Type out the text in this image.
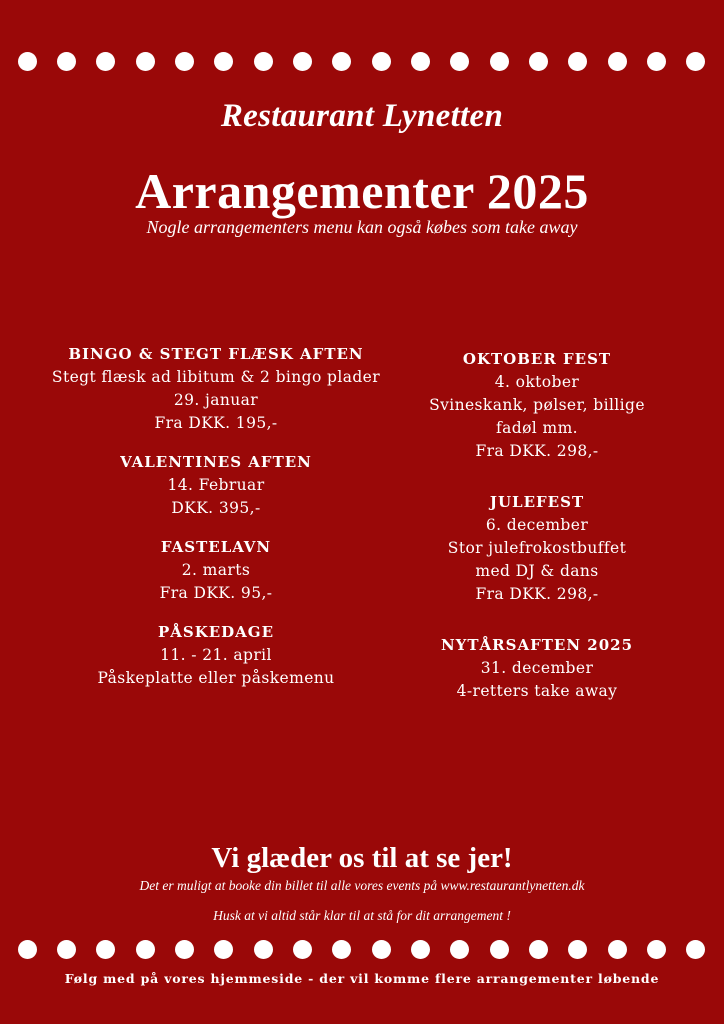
Restaurant Lynetten
Arrangementer 2025
Nogle arrangementers menu kan også købes som take away
BINGO & STEGT FLÆSK AFTEN
Stegt flæsk ad libitum & 2 bingo plader
29. januar
Fra DKK. 195,-
VALENTINES AFTEN
14. Februar
DKK. 395,-
FASTELAVN
2. marts
Fra DKK. 95,-
PÅSKEDAGE
11. - 21. april
Påskeplatte eller påskemenu
OKTOBER FEST
4. oktober
Svineskank, pølser, billige
fadøl mm.
Fra DKK. 298,-
JULEFEST
6. december
Stor julefrokostbuffet
med DJ & dans
Fra DKK. 298,-
NYTÅRSAFTEN 2025
31. december
4-retters take away
Vi glæder os til at se jer!
Det er muligt at booke din billet til alle vores events på www.restaurantlynetten.dk
Husk at vi altid står klar til at stå for dit arrangement !
Følg med på vores hjemmeside - der vil komme flere arrangementer løbende
